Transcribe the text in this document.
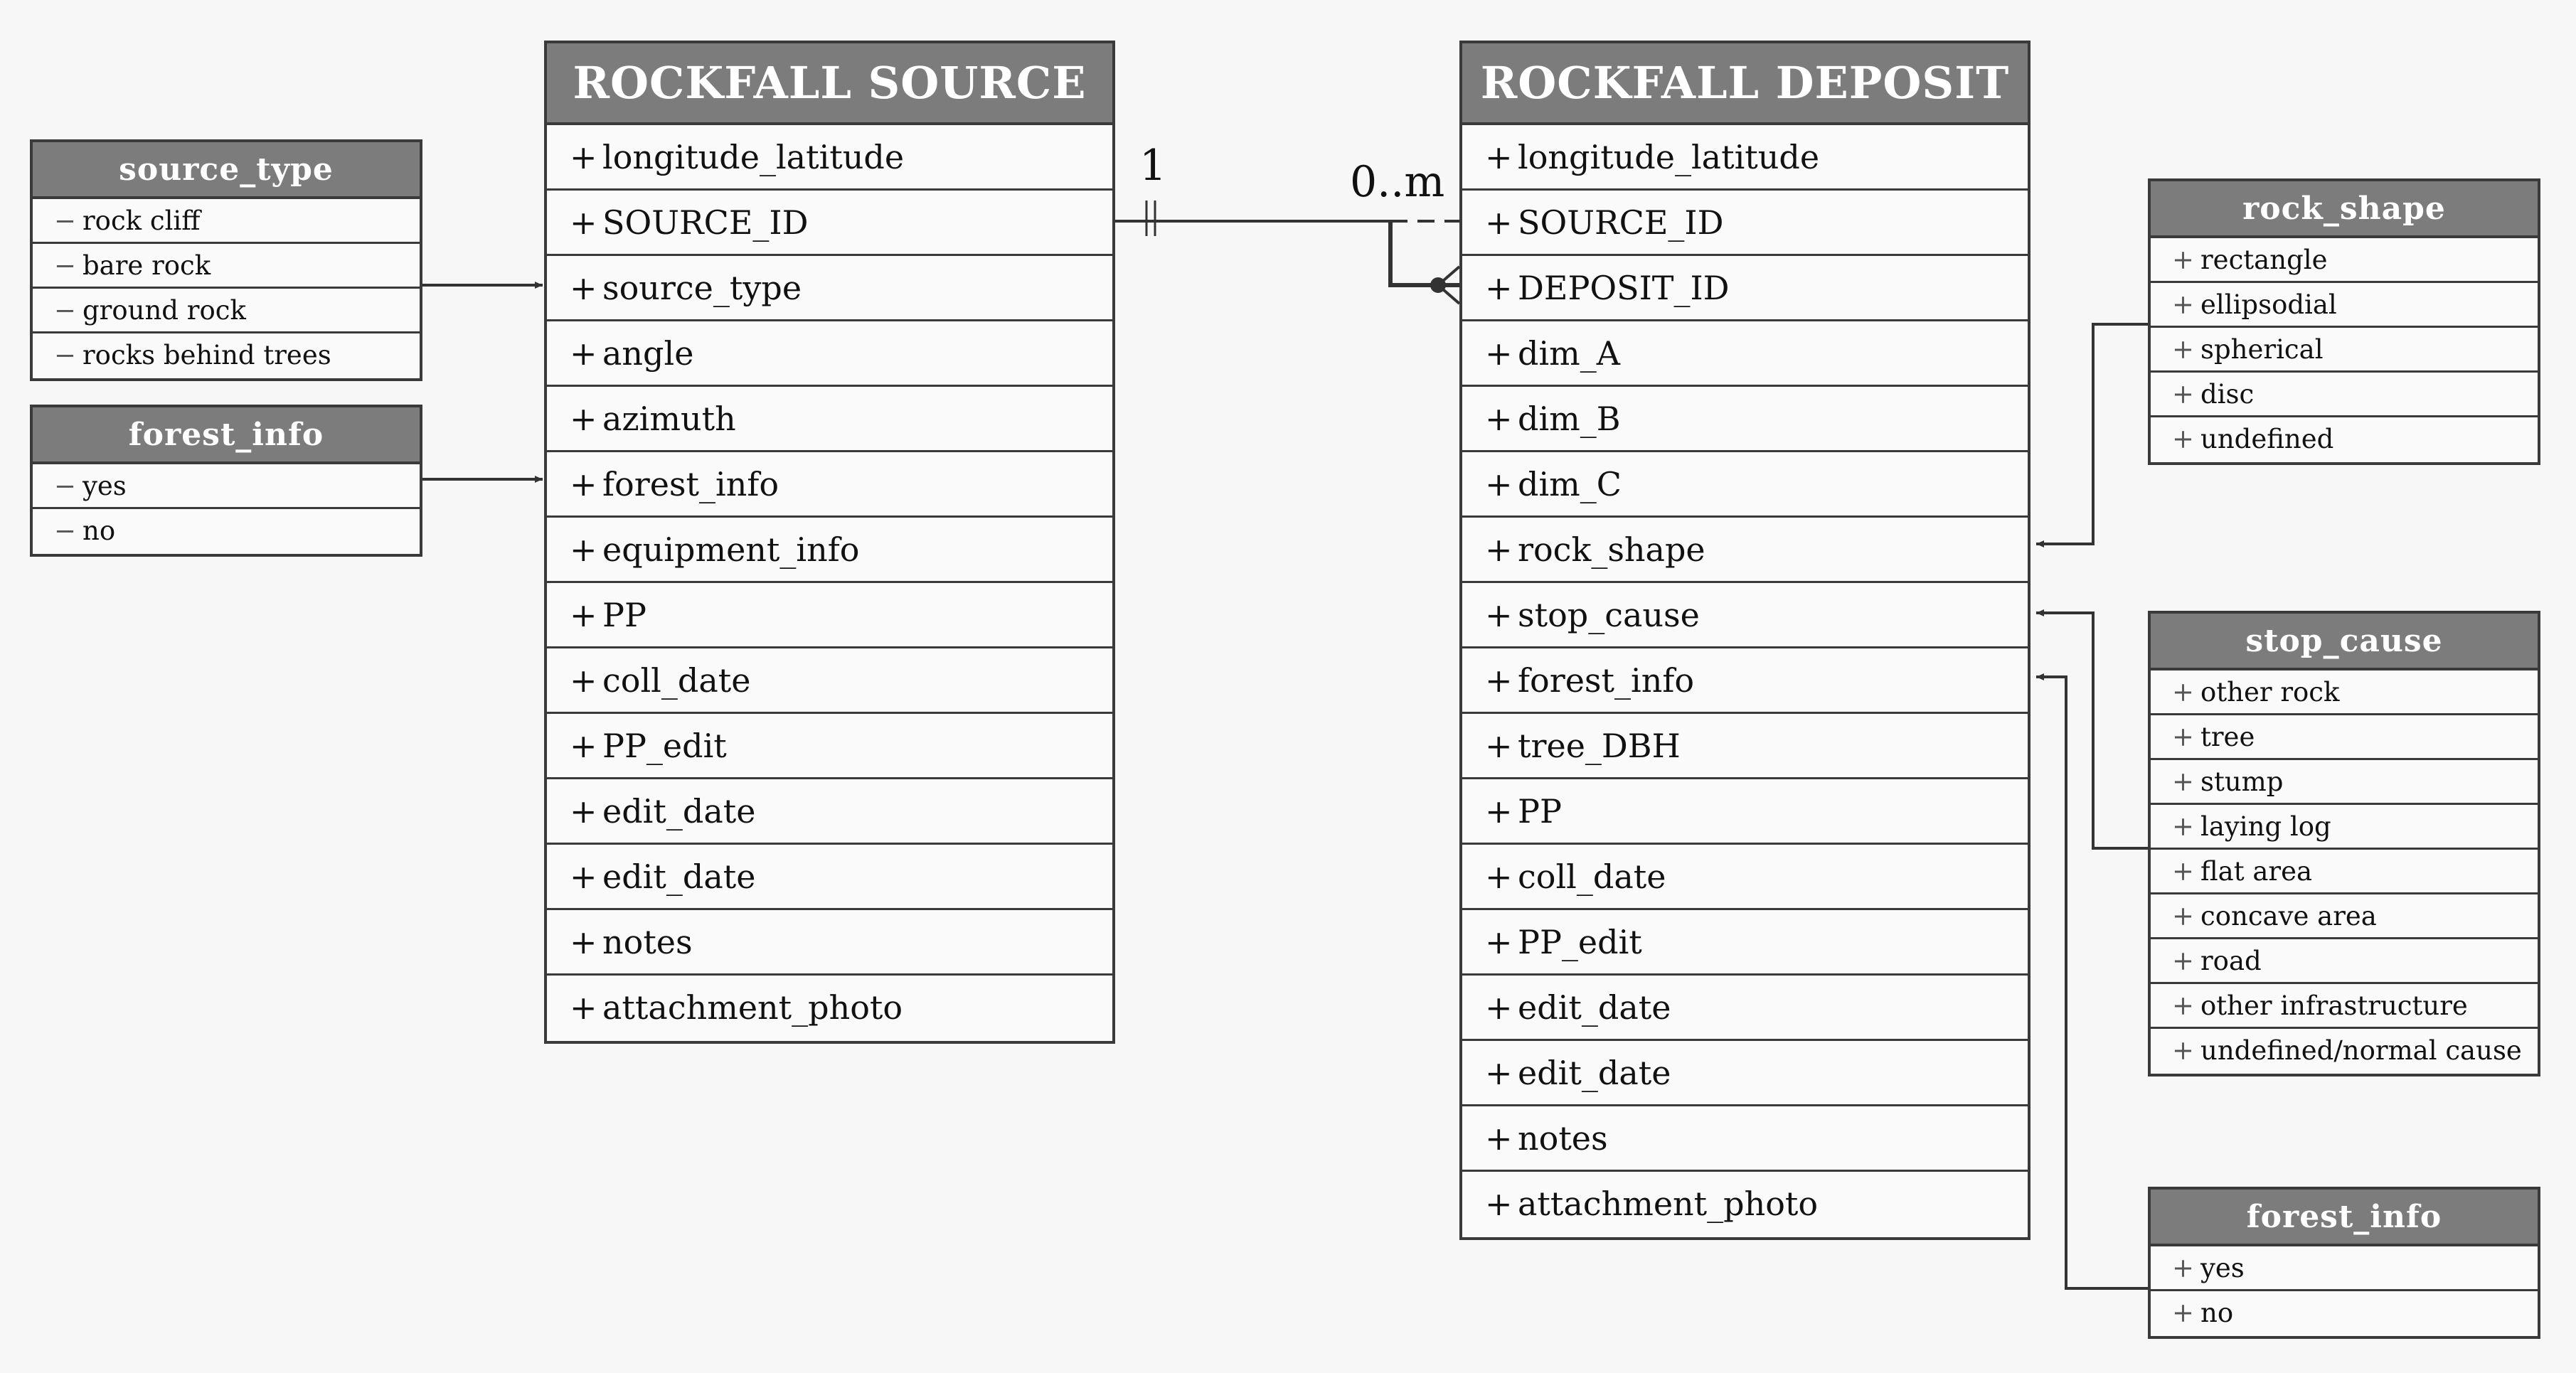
1	0..m
ROCKFALL SOURCE
+ longitude_latitude
+ SOURCE_ID
+ source_type
+ angle
+ azimuth
+ forest_info
+ equipment_info
+ PP
+ coll_date
+ PP_edit
+ edit_date
+ edit_date
+ notes
+ attachment_photo
ROCKFALL DEPOSIT
+ longitude_latitude
+ SOURCE_ID
+ DEPOSIT_ID
+ dim_A
+ dim_B
+ dim_C
+ rock_shape
+ stop_cause
+ forest_info
+ tree_DBH
+ PP
+ coll_date
+ PP_edit
+ edit_date
+ edit_date
+ notes
+ attachment_photo
source_type
− rock cliff
− bare rock
− ground rock
− rocks behind trees
forest_info
− yes
− no
rock_shape
+ rectangle
+ ellipsodial
+ spherical
+ disc
+ undefined
stop_cause
+ other rock
+ tree
+ stump
+ laying log
+ flat area
+ concave area
+ road
+ other infrastructure
+ undefined/normal cause
forest_info
+ yes
+ no
